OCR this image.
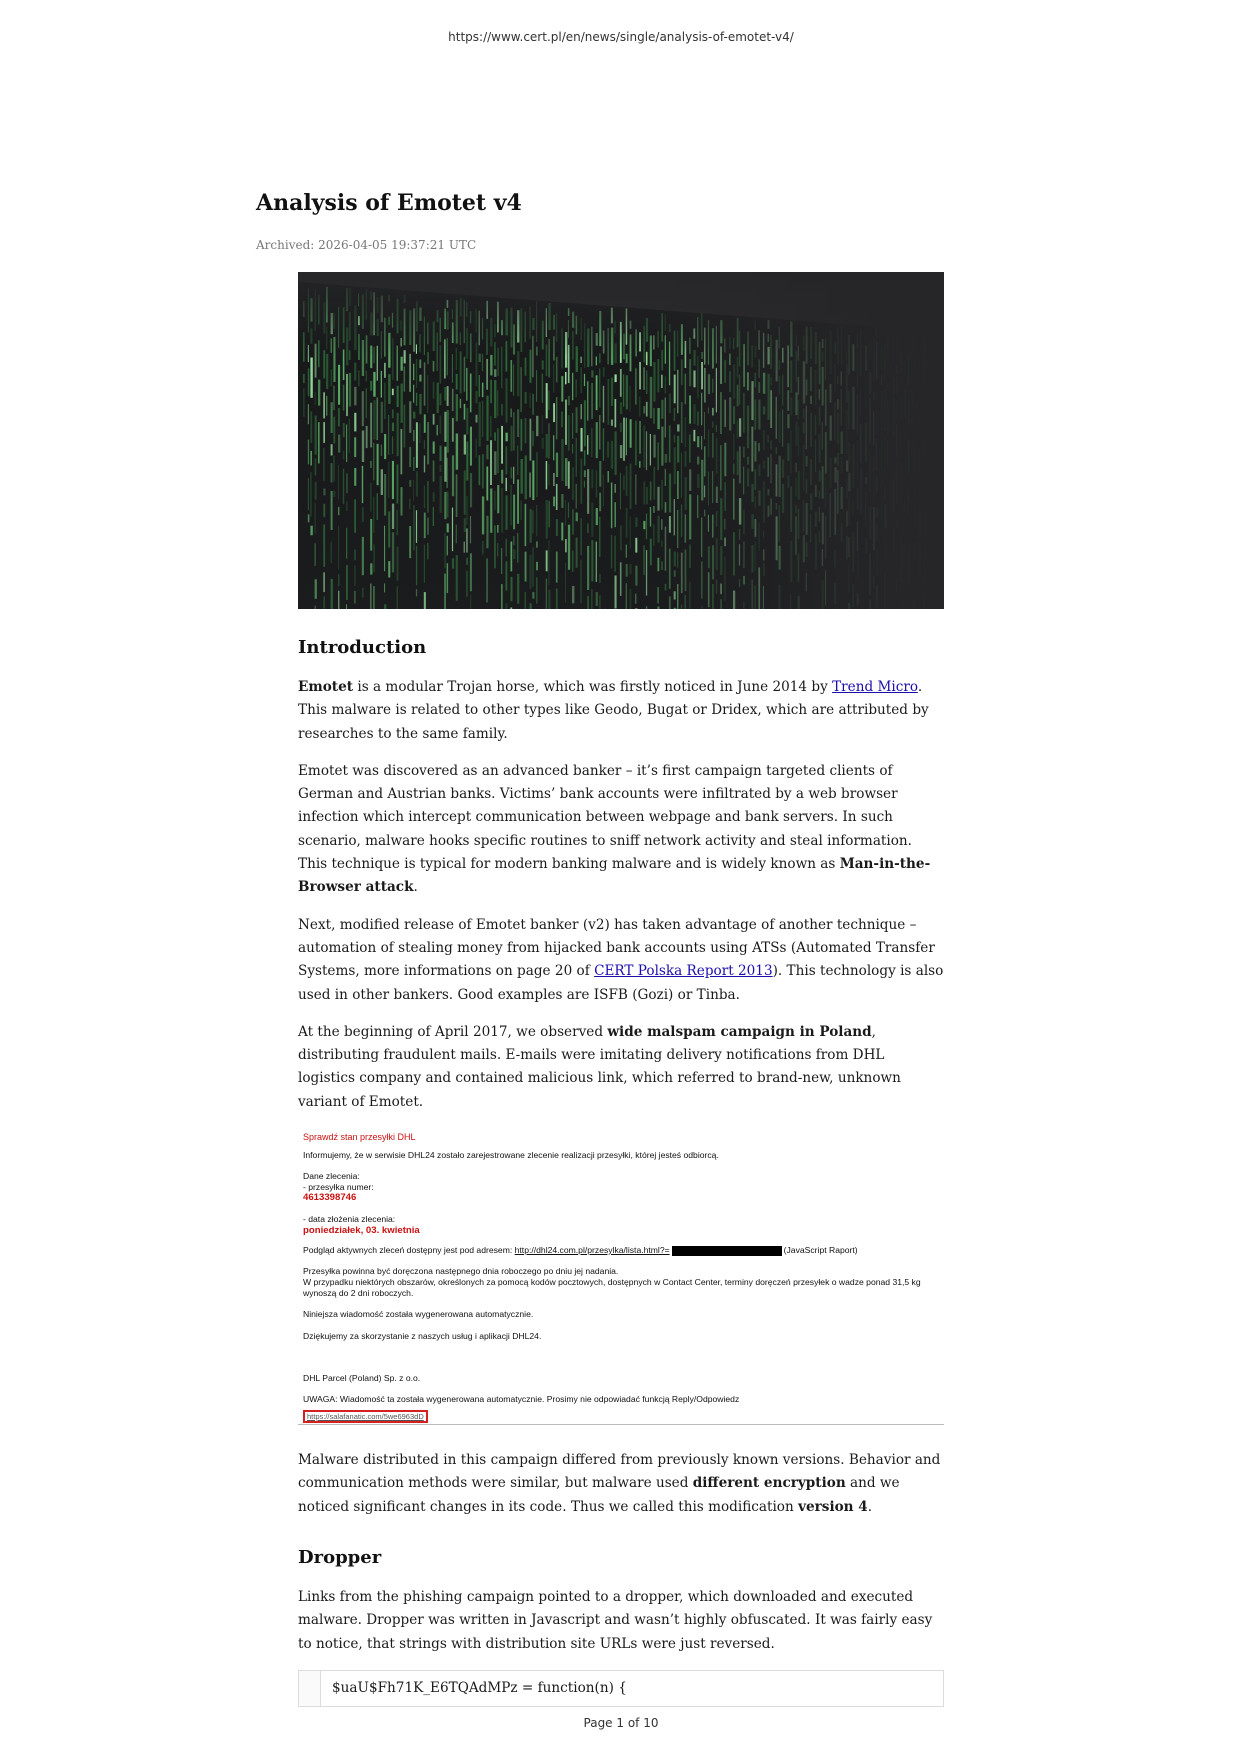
https://www.cert.pl/en/news/single/analysis-of-emotet-v4/
Analysis of Emotet v4
Archived: 2026-04-05 19:37:21 UTC
Introduction

Emotet is a modular Trojan horse, which was firstly noticed in June 2014 by Trend Micro. This malware is related to other types like Geodo, Bugat or Dridex, which are attributed by researches to the same family.

Emotet was discovered as an advanced banker – it’s first campaign targeted clients of German and Austrian banks. Victims’ bank accounts were infiltrated by a web browser infection which intercept communication between webpage and bank servers. In such scenario, malware hooks specific routines to sniff network activity and steal information. This technique is typical for modern banking malware and is widely known as Man-in-the-Browser attack.

Next, modified release of Emotet banker (v2) has taken advantage of another technique – automation of stealing money from hijacked bank accounts using ATSs (Automated Transfer Systems, more informations on page 20 of CERT Polska Report 2013). This technology is also used in other bankers. Good examples are ISFB (Gozi) or Tinba.

At the beginning of April 2017, we observed wide malspam campaign in Poland, distributing fraudulent mails. E-mails were imitating delivery notifications from DHL logistics company and contained malicious link, which referred to brand-new, unknown variant of Emotet.

Sprawdź stan przesyłki DHL
Informujemy, że w serwisie DHL24 zostało zarejestrowane zlecenie realizacji przesyłki, której jesteś odbiorcą.
Dane zlecenia:
- przesyłka numer:
4613398746
- data złożenia zlecenia:
poniedziałek, 03. kwietnia
Podgląd aktywnych zleceń dostępny jest pod adresem: http://dhl24.com.pl/przesylka/lista.html?=	(JavaScript Raport)
Przesyłka powinna być doręczona następnego dnia roboczego po dniu jej nadania.
W przypadku niektórych obszarów, określonych za pomocą kodów pocztowych, dostępnych w Contact Center, terminy doręczeń przesyłek o wadze ponad 31,5 kg
wynoszą do 2 dni roboczych.
Niniejsza wiadomość została wygenerowana automatycznie.
Dziękujemy za skorzystanie z naszych usług i aplikacji DHL24.
DHL Parcel (Poland) Sp. z o.o.
UWAGA: Wiadomość ta została wygenerowana automatycznie. Prosimy nie odpowiadać funkcją Reply/Odpowiedz
https://salafanatic.com/5we6963dD

Malware distributed in this campaign differed from previously known versions. Behavior and communication methods were similar, but malware used different encryption and we noticed significant changes in its code. Thus we called this modification version 4.

Dropper

Links from the phishing campaign pointed to a dropper, which downloaded and executed malware. Dropper was written in Javascript and wasn’t highly obfuscated. It was fairly easy to notice, that strings with distribution site URLs were just reversed.

$uaU$Fh71K_E6TQAdMPz = function(n) {
Page 1 of 10
